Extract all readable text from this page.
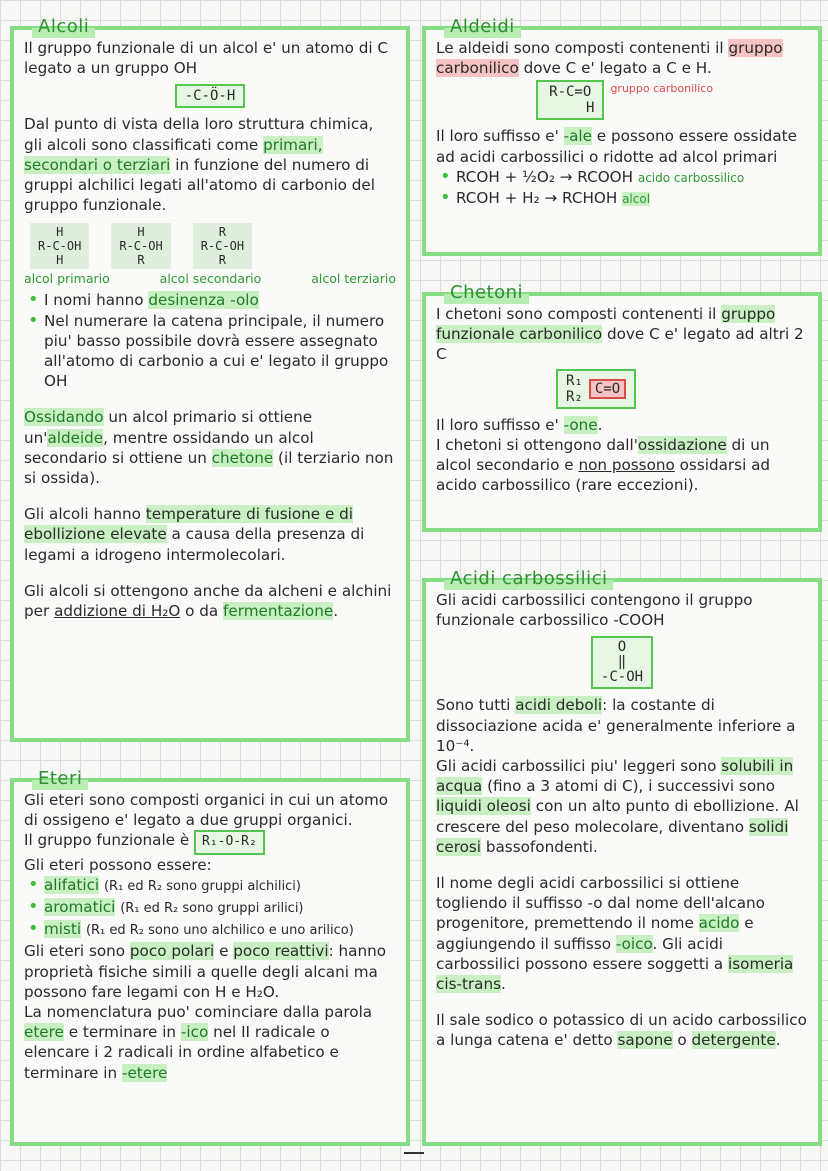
Alcoli

Il gruppo funzionale di un alcol e' un atomo di C legato a un gruppo OH

-C-Ö-H

Dal punto di vista della loro struttura chimica, gli alcoli sono classificati come primari, secondari o terziari in funzione del numero di gruppi alchilici legati all'atomo di carbonio del gruppo funzionale.

H
R-C-OH
H
H
R-C-OH
R
R
R-C-OH
R
alcol primario	alcol secondario	alcol terziario
• I nomi hanno desinenza -olo
• Nel numerare la catena principale, il numero piu' basso possibile dovrà essere assegnato all'atomo di carbonio a cui e' legato il gruppo OH

Ossidando un alcol primario si ottiene un'aldeide, mentre ossidando un alcol secondario si ottiene un chetone (il terziario non si ossida).

Gli alcoli hanno temperature di fusione e di ebollizione elevate a causa della presenza di legami a idrogeno intermolecolari.

Gli alcoli si ottengono anche da alcheni e alchini per addizione di H₂O o da fermentazione.

Eteri

Gli eteri sono composti organici in cui un atomo di ossigeno e' legato a due gruppi organici.

Il gruppo funzionale è R₁-O-R₂

Gli eteri possono essere:

• alifatici (R₁ ed R₂ sono gruppi alchilici)
• aromatici (R₁ ed R₂ sono gruppi arilici)
• misti (R₁ ed R₂ sono uno alchilico e uno arilico)

Gli eteri sono poco polari e poco reattivi: hanno proprietà fisiche simili a quelle degli alcani ma possono fare legami con H e H₂O.

La nomenclatura puo' cominciare dalla parola etere e terminare in -ico nel II radicale o elencare i 2 radicali in ordine alfabetico e terminare in -etere

Aldeidi

Le aldeidi sono composti contenenti il gruppo carbonilico dove C e' legato a C e H.

R-C=O
H
gruppo carbonilico

Il loro suffisso e' -ale e possono essere ossidate ad acidi carbossilici o ridotte ad alcol primari

• RCOH + ½O₂ → RCOOH acido carbossilico
• RCOH + H₂ → RCHOH alcol
Chetoni

I chetoni sono composti contenenti il gruppo funzionale carbonilico dove C e' legato ad altri 2 C

R₁
R₂ C=O

Il loro suffisso e' -one.

I chetoni si ottengono dall'ossidazione di un alcol secondario e non possono ossidarsi ad acido carbossilico (rare eccezioni).

Acidi carbossilici

Gli acidi carbossilici contengono il gruppo funzionale carbossilico -COOH

O
‖
-C-OH

Sono tutti acidi deboli: la costante di dissociazione acida e' generalmente inferiore a 10⁻⁴.

Gli acidi carbossilici piu' leggeri sono solubili in acqua (fino a 3 atomi di C), i successivi sono liquidi oleosi con un alto punto di ebollizione. Al crescere del peso molecolare, diventano solidi cerosi bassofondenti.

Il nome degli acidi carbossilici si ottiene togliendo il suffisso -o dal nome dell'alcano progenitore, premettendo il nome acido e aggiungendo il suffisso -oico. Gli acidi carbossilici possono essere soggetti a isomeria cis-trans.

Il sale sodico o potassico di un acido carbossilico a lunga catena e' detto sapone o detergente.
